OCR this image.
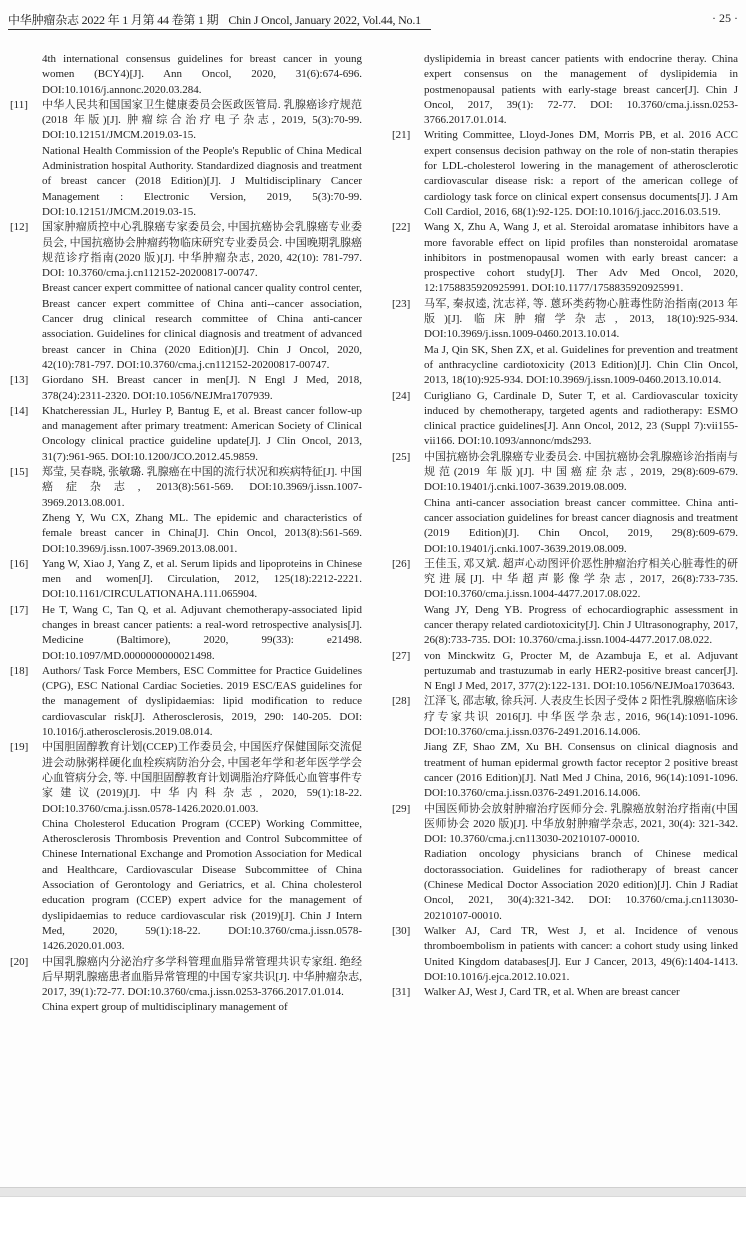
中华肿瘤杂志 2022 年 1 月第 44 卷第 1 期 Chin J Oncol, January 2022, Vol.44, No.1	· 25 ·

4th international consensus guidelines for breast cancer in young women (BCY4)[J]. Ann Oncol, 2020, 31(6):674-696. DOI:10.1016/j.annonc.2020.03.284.

[11] 中华人民共和国国家卫生健康委员会医政医管局. 乳腺癌诊疗规范(2018 年版)[J]. 肿瘤综合治疗电子杂志, 2019, 5(3):70-99. DOI:10.12151/JMCM.2019.03-15.

National Health Commission of the People's Republic of China Medical Administration hospital Authority. Standardized diagnosis and treatment of breast cancer (2018 Edition)[J]. J Multidisciplinary Cancer Management : Electronic Version, 2019, 5(3):70-99. DOI:10.12151/JMCM.2019.03-15.

[12] 国家肿瘤质控中心乳腺癌专家委员会, 中国抗癌协会乳腺癌专业委员会, 中国抗癌协会肿瘤药物临床研究专业委员会. 中国晚期乳腺癌规范诊疗指南(2020 版)[J]. 中华肿瘤杂志, 2020, 42(10): 781-797. DOI: 10.3760/cma.j.cn112152-20200817-00747.

Breast cancer expert committee of national cancer quality control center, Breast cancer expert committee of China anti--cancer association, Cancer drug clinical research committee of China anti-cancer association. Guidelines for clinical diagnosis and treatment of advanced breast cancer in China (2020 Edition)[J]. Chin J Oncol, 2020, 42(10):781-797. DOI:10.3760/cma.j.cn112152-20200817-00747.

[13] Giordano SH. Breast cancer in men[J]. N Engl J Med, 2018, 378(24):2311-2320. DOI:10.1056/NEJMra1707939.

[14] Khatcheressian JL, Hurley P, Bantug E, et al. Breast cancer follow-up and management after primary treatment: American Society of Clinical Oncology clinical practice guideline update[J]. J Clin Oncol, 2013, 31(7):961-965. DOI:10.1200/JCO.2012.45.9859.

[15] 郑莹, 吴春晓, 张敏璐. 乳腺癌在中国的流行状况和疾病特征[J]. 中国癌症杂志, 2013(8):561-569. DOI:10.3969/j.issn.1007-3969.2013.08.001.

Zheng Y, Wu CX, Zhang ML. The epidemic and characteristics of female breast cancer in China[J]. Chin Oncol, 2013(8):561-569. DOI:10.3969/j.issn.1007-3969.2013.08.001.

[16] Yang W, Xiao J, Yang Z, et al. Serum lipids and lipoproteins in Chinese men and women[J]. Circulation, 2012, 125(18):2212-2221. DOI:10.1161/CIRCULATIONAHA.111.065904.

[17] He T, Wang C, Tan Q, et al. Adjuvant chemotherapy-associated lipid changes in breast cancer patients: a real-word retrospective analysis[J]. Medicine (Baltimore), 2020, 99(33): e21498. DOI:10.1097/MD.0000000000021498.

[18] Authors/ Task Force Members, ESC Committee for Practice Guidelines (CPG), ESC National Cardiac Societies. 2019 ESC/EAS guidelines for the management of dyslipidaemias: lipid modification to reduce cardiovascular risk[J]. Atherosclerosis, 2019, 290: 140-205. DOI: 10.1016/j.atherosclerosis.2019.08.014.

[19] 中国胆固醇教育计划(CCEP)工作委员会, 中国医疗保健国际交流促进会动脉粥样硬化血栓疾病防治分会, 中国老年学和老年医学学会心血管病分会, 等. 中国胆固醇教育计划调脂治疗降低心血管事件专家建议(2019)[J]. 中华内科杂志, 2020, 59(1):18-22. DOI:10.3760/cma.j.issn.0578-1426.2020.01.003.

China Cholesterol Education Program (CCEP) Working Committee, Atherosclerosis Thrombosis Prevention and Control Subcommittee of Chinese International Exchange and Promotion Association for Medical and Healthcare, Cardiovascular Disease Subcommittee of China Association of Gerontology and Geriatrics, et al. China cholesterol education program (CCEP) expert advice for the management of dyslipidaemias to reduce cardiovascular risk (2019)[J]. Chin J Intern Med, 2020, 59(1):18-22. DOI:10.3760/cma.j.issn.0578-1426.2020.01.003.

[20] 中国乳腺癌内分泌治疗多学科管理血脂异常管理共识专家组. 绝经后早期乳腺癌患者血脂异常管理的中国专家共识[J]. 中华肿瘤杂志, 2017, 39(1):72-77. DOI:10.3760/cma.j.issn.0253-3766.2017.01.014.

China expert group of multidisciplinary management of

dyslipidemia in breast cancer patients with endocrine theray. China expert consensus on the management of dyslipidemia in postmenopausal patients with early-stage breast cancer[J]. Chin J Oncol, 2017, 39(1): 72-77. DOI: 10.3760/cma.j.issn.0253-3766.2017.01.014.

[21] Writing Committee, Lloyd-Jones DM, Morris PB, et al. 2016 ACC expert consensus decision pathway on the role of non-statin therapies for LDL-cholesterol lowering in the management of atherosclerotic cardiovascular disease risk: a report of the american college of cardiology task force on clinical expert consensus documents[J]. J Am Coll Cardiol, 2016, 68(1):92-125. DOI:10.1016/j.jacc.2016.03.519.

[22] Wang X, Zhu A, Wang J, et al. Steroidal aromatase inhibitors have a more favorable effect on lipid profiles than nonsteroidal aromatase inhibitors in postmenopausal women with early breast cancer: a prospective cohort study[J]. Ther Adv Med Oncol, 2020, 12:1758835920925991. DOI:10.1177/1758835920925991.

[23] 马军, 秦叔逵, 沈志祥, 等. 蒽环类药物心脏毒性防治指南(2013 年版)[J]. 临床肿瘤学杂志, 2013, 18(10):925-934. DOI:10.3969/j.issn.1009-0460.2013.10.014.

Ma J, Qin SK, Shen ZX, et al. Guidelines for prevention and treatment of anthracycline cardiotoxicity (2013 Edition)[J]. Chin Clin Oncol, 2013, 18(10):925-934. DOI:10.3969/j.issn.1009-0460.2013.10.014.

[24] Curigliano G, Cardinale D, Suter T, et al. Cardiovascular toxicity induced by chemotherapy, targeted agents and radiotherapy: ESMO clinical practice guidelines[J]. Ann Oncol, 2012, 23 (Suppl 7):vii155- vii166. DOI:10.1093/annonc/mds293.

[25] 中国抗癌协会乳腺癌专业委员会. 中国抗癌协会乳腺癌诊治指南与规范(2019 年版)[J]. 中国癌症杂志, 2019, 29(8):609-679. DOI:10.19401/j.cnki.1007-3639.2019.08.009.

China anti-cancer association breast cancer committee. China anti-cancer association guidelines for breast cancer diagnosis and treatment (2019 Edition)[J]. Chin Oncol, 2019, 29(8):609-679. DOI:10.19401/j.cnki.1007-3639.2019.08.009.

[26] 王佳玉, 邓又斌. 超声心动图评价恶性肿瘤治疗相关心脏毒性的研究进展[J]. 中华超声影像学杂志, 2017, 26(8):733-735. DOI:10.3760/cma.j.issn.1004-4477.2017.08.022.

Wang JY, Deng YB. Progress of echocardiographic assessment in cancer therapy related cardiotoxicity[J]. Chin J Ultrasonography, 2017, 26(8):733-735. DOI: 10.3760/cma.j.issn.1004-4477.2017.08.022.

[27] von Minckwitz G, Procter M, de Azambuja E, et al. Adjuvant pertuzumab and trastuzumab in early HER2-positive breast cancer[J]. N Engl J Med, 2017, 377(2):122-131. DOI:10.1056/NEJMoa1703643.

[28] 江泽飞, 邵志敏, 徐兵河. 人表皮生长因子受体 2 阳性乳腺癌临床诊疗专家共识 2016[J]. 中华医学杂志, 2016, 96(14):1091-1096. DOI:10.3760/cma.j.issn.0376-2491.2016.14.006.

Jiang ZF, Shao ZM, Xu BH. Consensus on clinical diagnosis and treatment of human epidermal growth factor receptor 2 positive breast cancer (2016 Edition)[J]. Natl Med J China, 2016, 96(14):1091-1096. DOI:10.3760/cma.j.issn.0376-2491.2016.14.006.

[29] 中国医师协会放射肿瘤治疗医师分会. 乳腺癌放射治疗指南(中国医师协会 2020 版)[J]. 中华放射肿瘤学杂志, 2021, 30(4): 321-342. DOI: 10.3760/cma.j.cn113030-20210107-00010.

Radiation oncology physicians branch of Chinese medical doctorassociation. Guidelines for radiotherapy of breast cancer (Chinese Medical Doctor Association 2020 edition)[J]. Chin J Radiat Oncol, 2021, 30(4):321-342. DOI: 10.3760/cma.j.cn113030-20210107-00010.

[30] Walker AJ, Card TR, West J, et al. Incidence of venous thromboembolism in patients with cancer: a cohort study using linked United Kingdom databases[J]. Eur J Cancer, 2013, 49(6):1404-1413. DOI:10.1016/j.ejca.2012.10.021.

[31] Walker AJ, West J, Card TR, et al. When are breast cancer
